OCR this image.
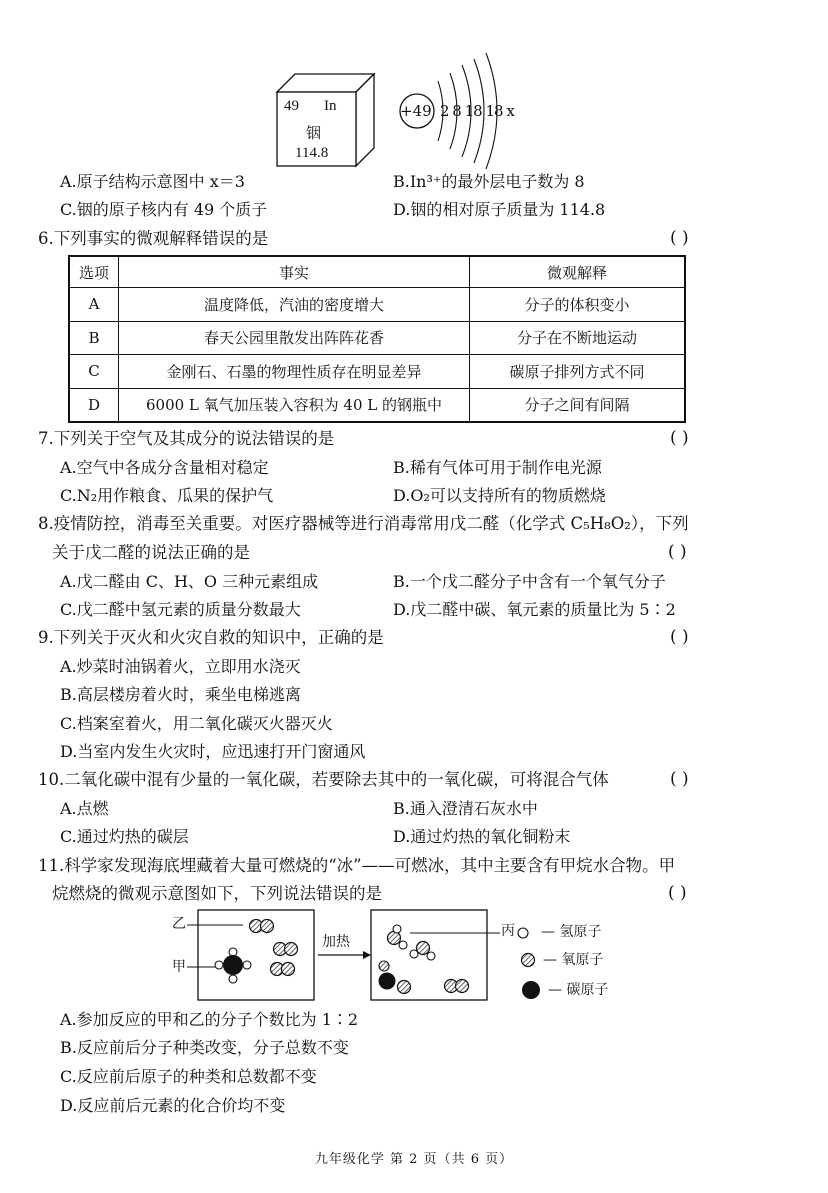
49 In
铟
114.8
+49 2 8 18 18 x
A.原子结构示意图中 x＝3	B.In³⁺的最外层电子数为 8
C.铟的原子核内有 49 个质子	D.铟的相对原子质量为 114.8
6.下列事实的微观解释错误的是	( )
选项	事实	微观解释
A	温度降低，汽油的密度增大	分子的体积变小
B	春天公园里散发出阵阵花香	分子在不断地运动
C	金刚石、石墨的物理性质存在明显差异	碳原子排列方式不同
D	6000 L 氧气加压装入容积为 40 L 的钢瓶中	分子之间有间隔
7.下列关于空气及其成分的说法错误的是	( )
A.空气中各成分含量相对稳定	B.稀有气体可用于制作电光源
C.N₂用作粮食、瓜果的保护气	D.O₂可以支持所有的物质燃烧
8.疫情防控，消毒至关重要。对医疗器械等进行消毒常用戊二醛（化学式 C₅H₈O₂），下列
关于戊二醛的说法正确的是	( )
A.戊二醛由 C、H、O 三种元素组成	B.一个戊二醛分子中含有一个氧气分子
C.戊二醛中氢元素的质量分数最大	D.戊二醛中碳、氧元素的质量比为 5∶2
9.下列关于灭火和火灾自救的知识中，正确的是	( )
A.炒菜时油锅着火，立即用水浇灭
B.高层楼房着火时，乘坐电梯逃离
C.档案室着火，用二氧化碳灭火器灭火
D.当室内发生火灾时，应迅速打开门窗通风
10.二氧化碳中混有少量的一氧化碳，若要除去其中的一氧化碳，可将混合气体	( )
A.点燃	B.通入澄清石灰水中
C.通过灼热的碳层	D.通过灼热的氧化铜粉末
11.科学家发现海底埋藏着大量可燃烧的“冰”——可燃冰，其中主要含有甲烷水合物。甲
烷燃烧的微观示意图如下，下列说法错误的是	( )
乙
甲
加热
丙 — 氢原子
— 氧原子
— 碳原子
A.参加反应的甲和乙的分子个数比为 1∶2
B.反应前后分子种类改变，分子总数不变
C.反应前后原子的种类和总数都不变
D.反应前后元素的化合价均不变
九年级化学 第 2 页（共 6 页）
